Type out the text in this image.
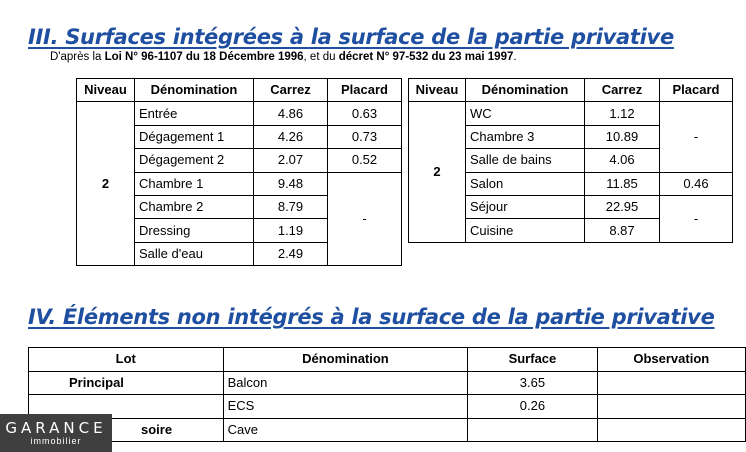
III. Surfaces intégrées à la surface de la partie privative
D'après la Loi N° 96-1107 du 18 Décembre 1996, et du décret N° 97-532 du 23 mai 1997.
Niveau	Dénomination	Carrez	Placard
2	Entrée	4.86	0.63
	Dégagement 1	4.26	0.73
	Dégagement 2	2.07	0.52
	Chambre 1	9.48	-
	Chambre 2	8.79	
	Dressing	1.19	
	Salle d'eau	2.49	
Niveau	Dénomination	Carrez	Placard
2	WC	1.12	-
	Chambre 3	10.89	
	Salle de bains	4.06	
	Salon	11.85	0.46
	Séjour	22.95	-
	Cuisine	8.87	
IV. Éléments non intégrés à la surface de la partie privative
Lot	Dénomination	Surface	Observation
Principal	Balcon	3.65	
	ECS	0.26	
soire	Cave		
GARANCE
immobilier
